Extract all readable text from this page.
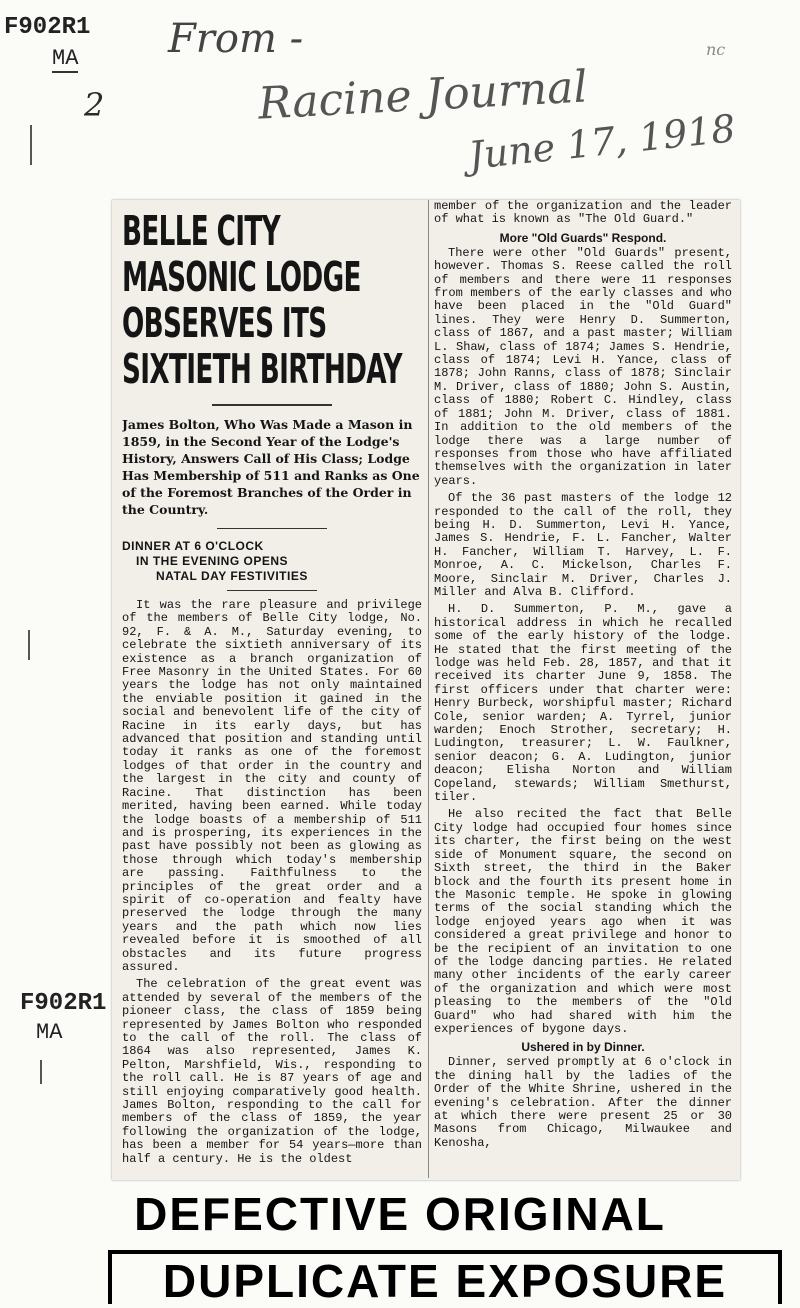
F902R1
MA
2
nc
From -
Racine Journal
June 17, 1918
F902R1
MA
BELLE CITY MASONIC LODGE OBSERVES ITS SIXTIETH BIRTHDAY

James Bolton, Who Was Made a Mason in 1859, in the Second Year of the Lodge's History, Answers Call of His Class; Lodge Has Membership of 511 and Ranks as One of the Foremost Branches of the Order in the Country.

DINNER AT 6 O'CLOCK

IN THE EVENING OPENS

NATAL DAY FESTIVITIES

It was the rare pleasure and privilege of the members of Belle City lodge, No. 92, F. & A. M., Saturday evening, to celebrate the sixtieth anniversary of its existence as a branch organization of Free Masonry in the United States. For 60 years the lodge has not only maintained the enviable position it gained in the social and benevolent life of the city of Racine in its early days, but has advanced that position and standing until today it ranks as one of the foremost lodges of that order in the country and the largest in the city and county of Racine. That distinction has been merited, having been earned. While today the lodge boasts of a membership of 511 and is prospering, its experiences in the past have possibly not been as glowing as those through which today's membership are passing. Faithfulness to the principles of the great order and a spirit of co-operation and fealty have preserved the lodge through the many years and the path which now lies revealed before it is smoothed of all obstacles and its future progress assured.

The celebration of the great event was attended by several of the members of the pioneer class, the class of 1859 being represented by James Bolton who responded to the call of the roll. The class of 1864 was also represented, James K. Pelton, Marshfield, Wis., responding to the roll call. He is 87 years of age and still enjoying comparatively good health. James Bolton, responding to the call for members of the class of 1859, the year following the organization of the lodge, has been a member for 54 years—more than half a century. He is the oldest

member of the organization and the leader of what is known as "The Old Guard."

More "Old Guards" Respond.

There were other "Old Guards" present, however. Thomas S. Reese called the roll of members and there were 11 responses from members of the early classes and who have been placed in the "Old Guard" lines. They were Henry D. Summerton, class of 1867, and a past master; William L. Shaw, class of 1874; James S. Hendrie, class of 1874; Levi H. Yance, class of 1878; John Ranns, class of 1878; Sinclair M. Driver, class of 1880; John S. Austin, class of 1880; Robert C. Hindley, class of 1881; John M. Driver, class of 1881. In addition to the old members of the lodge there was a large number of responses from those who have affiliated themselves with the organization in later years.

Of the 36 past masters of the lodge 12 responded to the call of the roll, they being H. D. Summerton, Levi H. Yance, James S. Hendrie, F. L. Fancher, Walter H. Fancher, William T. Harvey, L. F. Monroe, A. C. Mickelson, Charles F. Moore, Sinclair M. Driver, Charles J. Miller and Alva B. Clifford.

H. D. Summerton, P. M., gave a historical address in which he recalled some of the early history of the lodge. He stated that the first meeting of the lodge was held Feb. 28, 1857, and that it received its charter June 9, 1858. The first officers under that charter were: Henry Burbeck, worshipful master; Richard Cole, senior warden; A. Tyrrel, junior warden; Enoch Strother, secretary; H. Ludington, treasurer; L. W. Faulkner, senior deacon; G. A. Ludington, junior deacon; Elisha Norton and William Copeland, stewards; William Smethurst, tiler.

He also recited the fact that Belle City lodge had occupied four homes since its charter, the first being on the west side of Monument square, the second on Sixth street, the third in the Baker block and the fourth its present home in the Masonic temple. He spoke in glowing terms of the social standing which the lodge enjoyed years ago when it was considered a great privilege and honor to be the recipient of an invitation to one of the lodge dancing parties. He related many other incidents of the early career of the organization and which were most pleasing to the members of the "Old Guard" who had shared with him the experiences of bygone days.

Ushered in by Dinner.

Dinner, served promptly at 6 o'clock in the dining hall by the ladies of the Order of the White Shrine, ushered in the evening's celebration. After the dinner at which there were present 25 or 30 Masons from Chicago, Milwaukee and Kenosha,

DEFECTIVE ORIGINAL
DUPLICATE EXPOSURE
